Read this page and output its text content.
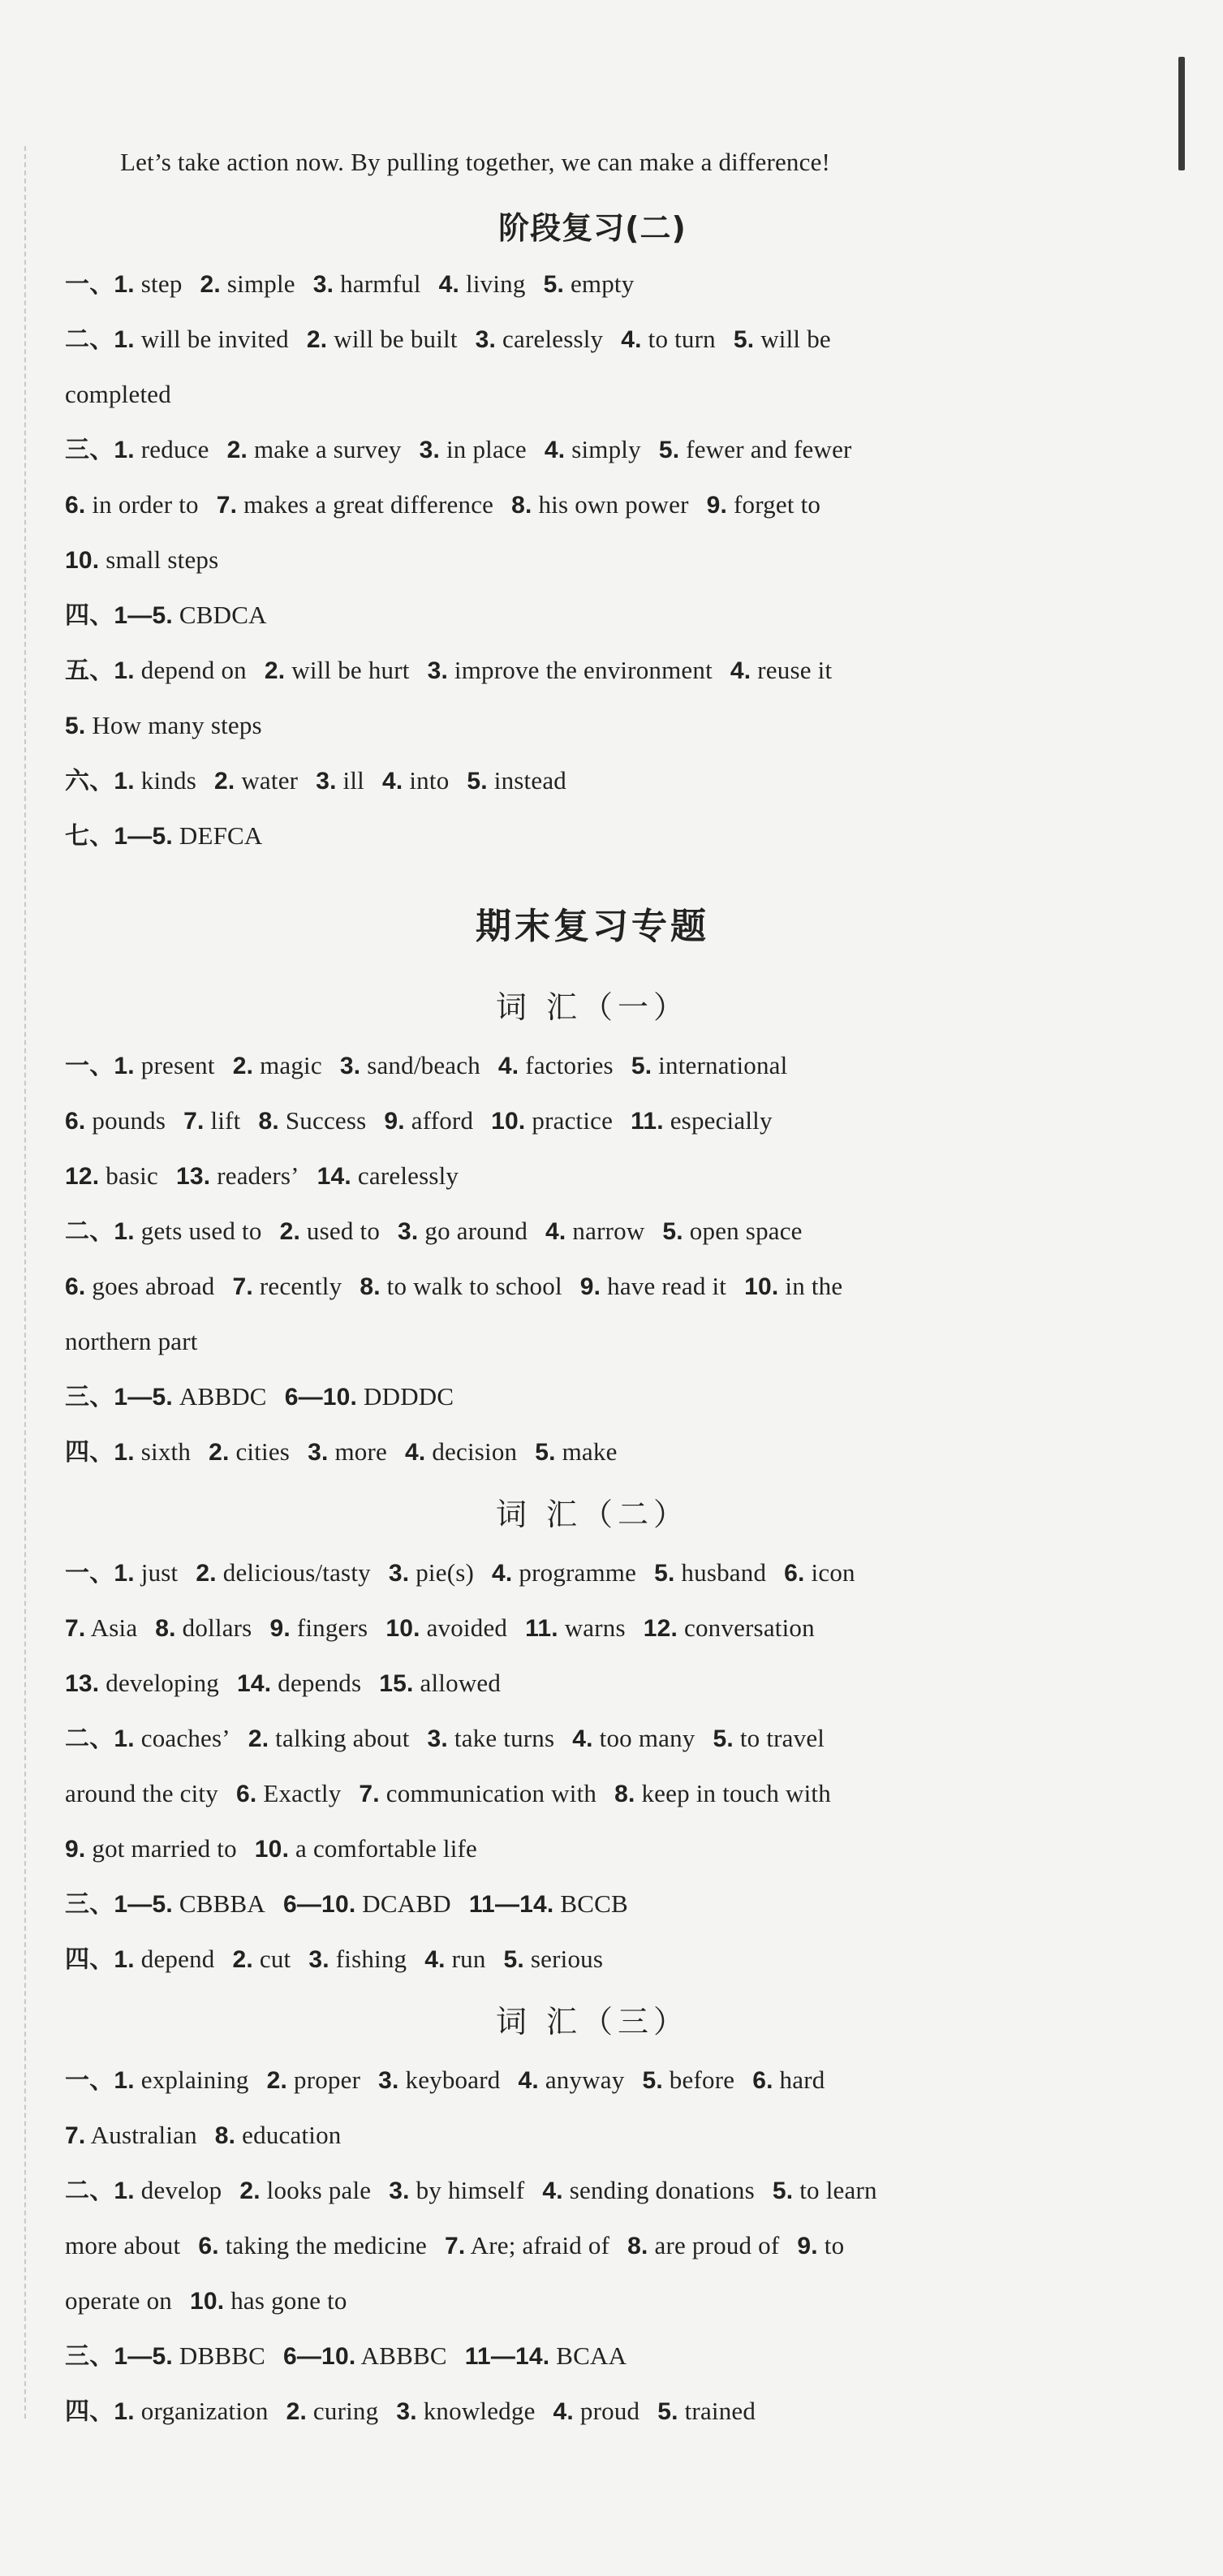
Let’s take action now. By pulling together, we can make a difference!
阶段复习(二)
一、1. step 2. simple 3. harmful 4. living 5. empty
二、1. will be invited 2. will be built 3. carelessly 4. to turn 5. will be
completed
三、1. reduce 2. make a survey 3. in place 4. simply 5. fewer and fewer
6. in order to 7. makes a great difference 8. his own power 9. forget to
10. small steps
四、1—5. CBDCA
五、1. depend on 2. will be hurt 3. improve the environment 4. reuse it
5. How many steps
六、1. kinds 2. water 3. ill 4. into 5. instead
七、1—5. DEFCA
期末复习专题
词 汇（一）
一、1. present 2. magic 3. sand/beach 4. factories 5. international
6. pounds 7. lift 8. Success 9. afford 10. practice 11. especially
12. basic 13. readers’ 14. carelessly
二、1. gets used to 2. used to 3. go around 4. narrow 5. open space
6. goes abroad 7. recently 8. to walk to school 9. have read it 10. in the
northern part
三、1—5. ABBDC 6—10. DDDDC
四、1. sixth 2. cities 3. more 4. decision 5. make
词 汇（二）
一、1. just 2. delicious/tasty 3. pie(s) 4. programme 5. husband 6. icon
7. Asia 8. dollars 9. fingers 10. avoided 11. warns 12. conversation
13. developing 14. depends 15. allowed
二、1. coaches’ 2. talking about 3. take turns 4. too many 5. to travel
around the city 6. Exactly 7. communication with 8. keep in touch with
9. got married to 10. a comfortable life
三、1—5. CBBBA 6—10. DCABD 11—14. BCCB
四、1. depend 2. cut 3. fishing 4. run 5. serious
词 汇（三）
一、1. explaining 2. proper 3. keyboard 4. anyway 5. before 6. hard
7. Australian 8. education
二、1. develop 2. looks pale 3. by himself 4. sending donations 5. to learn
more about 6. taking the medicine 7. Are; afraid of 8. are proud of 9. to
operate on 10. has gone to
三、1—5. DBBBC 6—10. ABBBC 11—14. BCAA
四、1. organization 2. curing 3. knowledge 4. proud 5. trained
